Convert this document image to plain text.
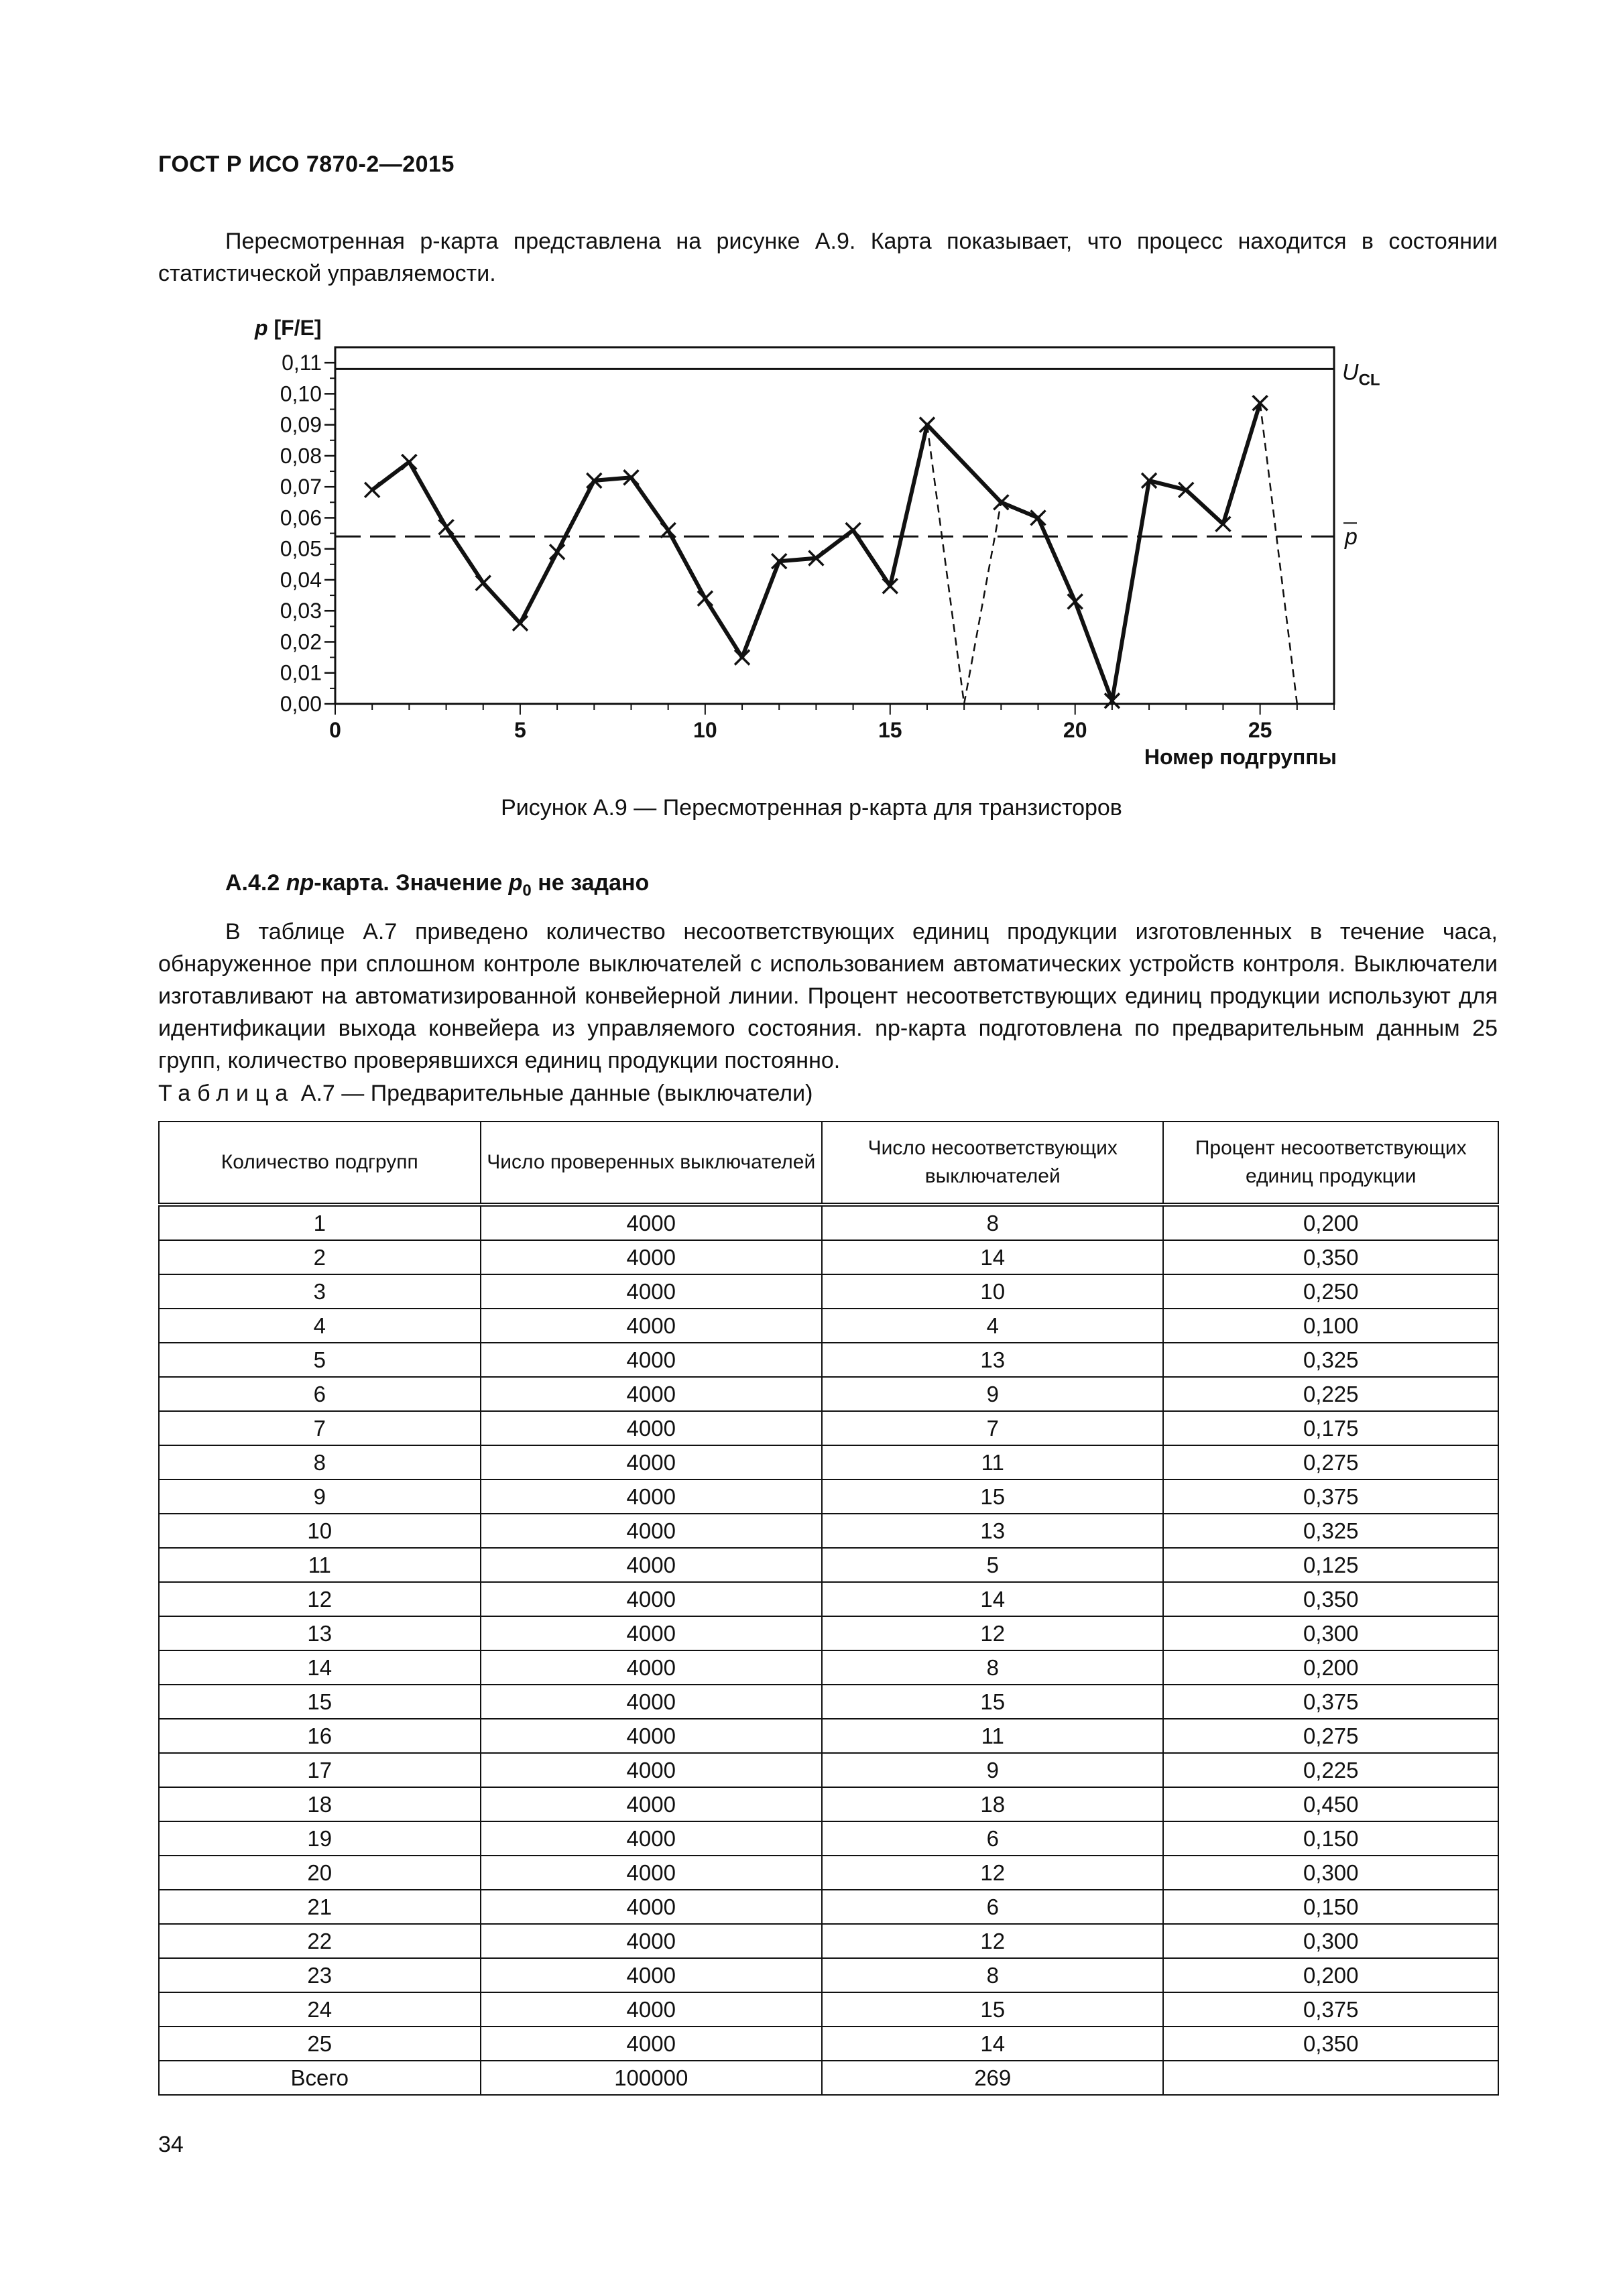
ГОСТ Р ИСО 7870-2—2015
Пересмотренная р-карта представлена на рисунке А.9. Карта показывает, что процесс находится в состоянии статистической управляемости.
0,00
0,01
0,02
0,03
0,04
0,05
0,06
0,07
0,08
0,09
0,10
0,11
0	5	10	15	20	25
$U_{CL}$
p
p [F/E]
Номер подгруппы
Рисунок А.9 — Пересмотренная р-карта для транзисторов
А.4.2 np-карта. Значение $p_0$ не задано
В таблице А.7 приведено количество несоответствующих единиц продукции изготовленных в течение часа, обнаруженное при сплошном контроле выключателей с использованием автоматических устройств контроля. Выключатели изготавливают на автоматизированной конвейерной линии. Процент несоответствующих единиц продукции используют для идентификации выхода конвейера из управляемого состояния. np-карта подготовлена по предварительным данным 25 групп, количество проверявшихся единиц продукции постоянно.
Таблица А.7 — Предварительные данные (выключатели)
Количество подгрупп	Число проверенных выключателей	Число несоответствующих выключателей	Процент несоответствующих единиц продукции
1	4000	8	0,200
2	4000	14	0,350
3	4000	10	0,250
4	4000	4	0,100
5	4000	13	0,325
6	4000	9	0,225
7	4000	7	0,175
8	4000	11	0,275
9	4000	15	0,375
10	4000	13	0,325
11	4000	5	0,125
12	4000	14	0,350
13	4000	12	0,300
14	4000	8	0,200
15	4000	15	0,375
16	4000	11	0,275
17	4000	9	0,225
18	4000	18	0,450
19	4000	6	0,150
20	4000	12	0,300
21	4000	6	0,150
22	4000	12	0,300
23	4000	8	0,200
24	4000	15	0,375
25	4000	14	0,350
Всего	100000	269	
34
